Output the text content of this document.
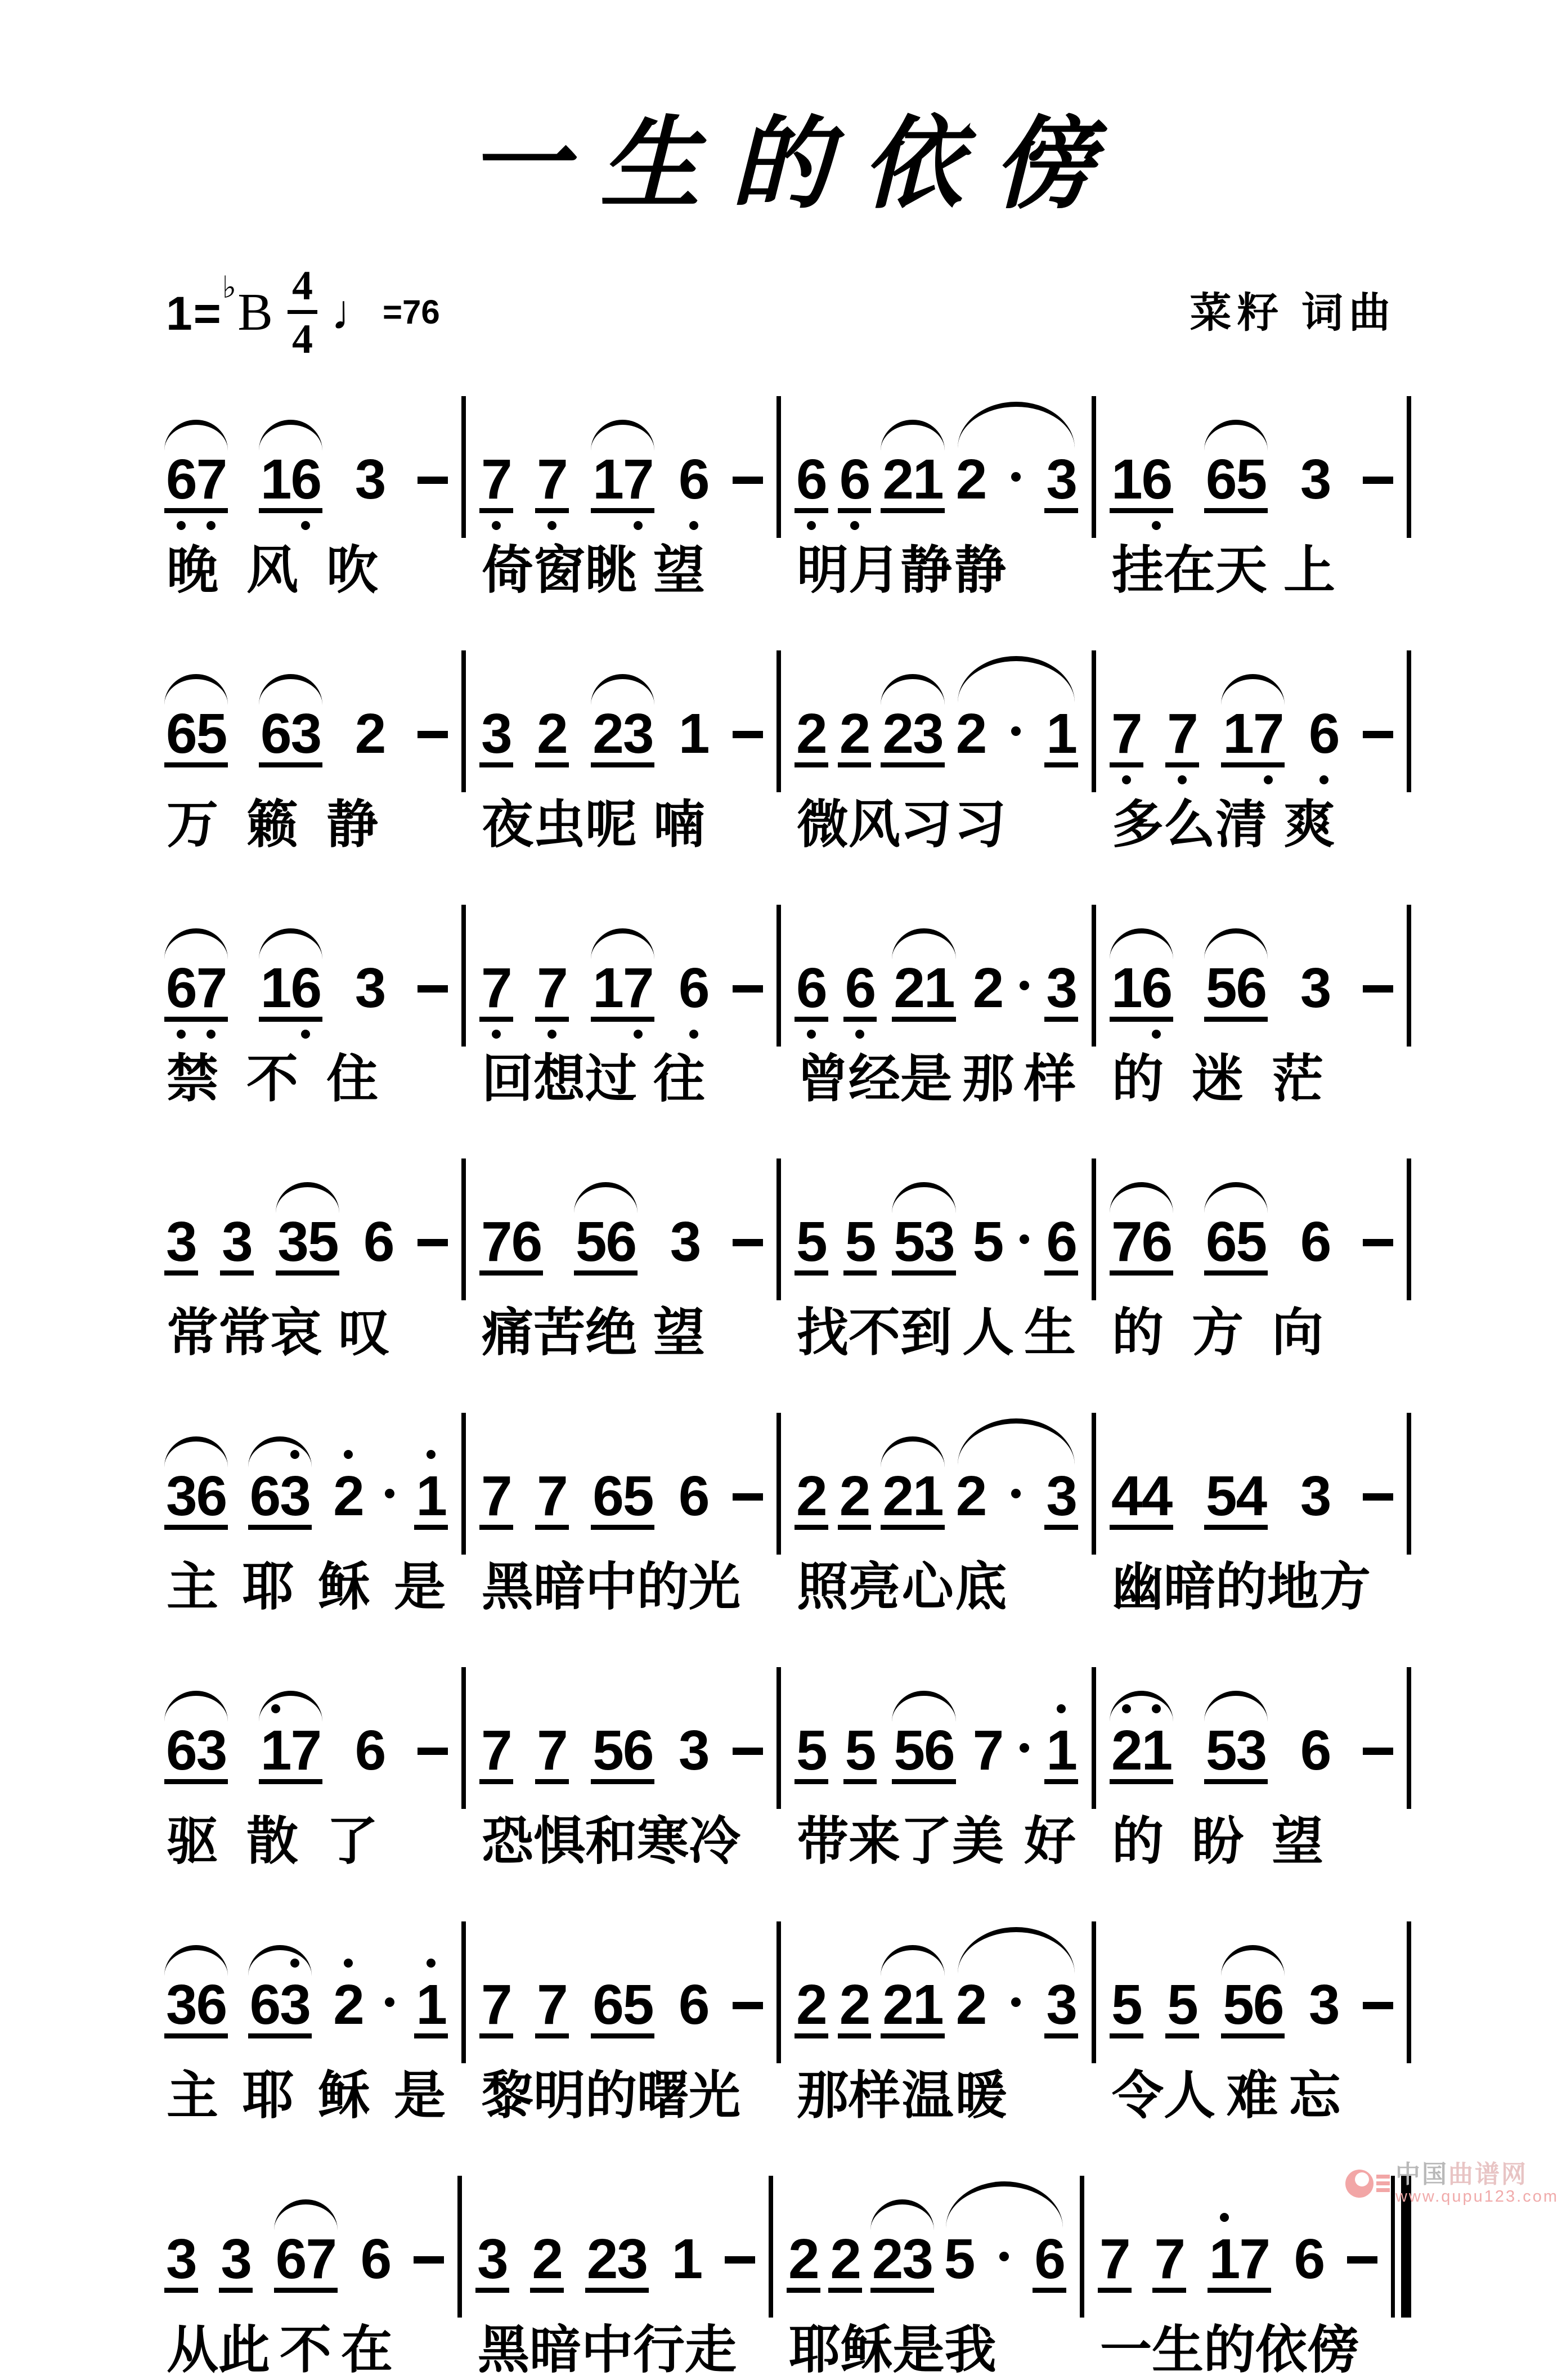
一生的依傍
$1=^♭B \frac{4}{4}$ ♩ =76	菜籽 词曲
67 16 3 7 7 17 6 6 6 21 2 3 16 65 3
晚 风 吹 倚窗眺 望 明月静 静 挂在天 上
65 63 2 3 2 23 1 2 2 23 2 1 7 7 17 6
万 籁 静 夜虫呢 喃 微风习 习 多么清 爽
67 16 3 7 7 17 6 6 6 21 2 3 16 56 3
禁 不 住 回想过 往 曾经是 那 样 的 迷 茫
3 3 35 6 76 56 3 5 5 53 5 6 76 65 6
常常哀 叹 痛苦绝 望 找不到 人 生 的 方 向
36 63 2 1 7 7 65 6 2 2 21 2 3 44 54 3
主 耶 稣 是 黑暗 中的 光 照亮 心 底 幽暗 的地 方
63 17 6 7 7 56 3 5 5 56 7 1 21 53 6
驱 散 了 恐惧和寒 冷 带来了美 好 的 盼 望
36 63 2 1 7 7 65 6 2 2 21 2 3 5 5 56 3
主 耶 稣 是 黎明 的曙 光 那样 温 暖 令人 难 忘
3 3 67 6 3 2 23 1 2 2 23 5 6 7 7 17 6
从此 不 在 黑暗 中行 走 耶稣 是 我 一生 的依 傍
中国曲谱网
www.qupu123.com
